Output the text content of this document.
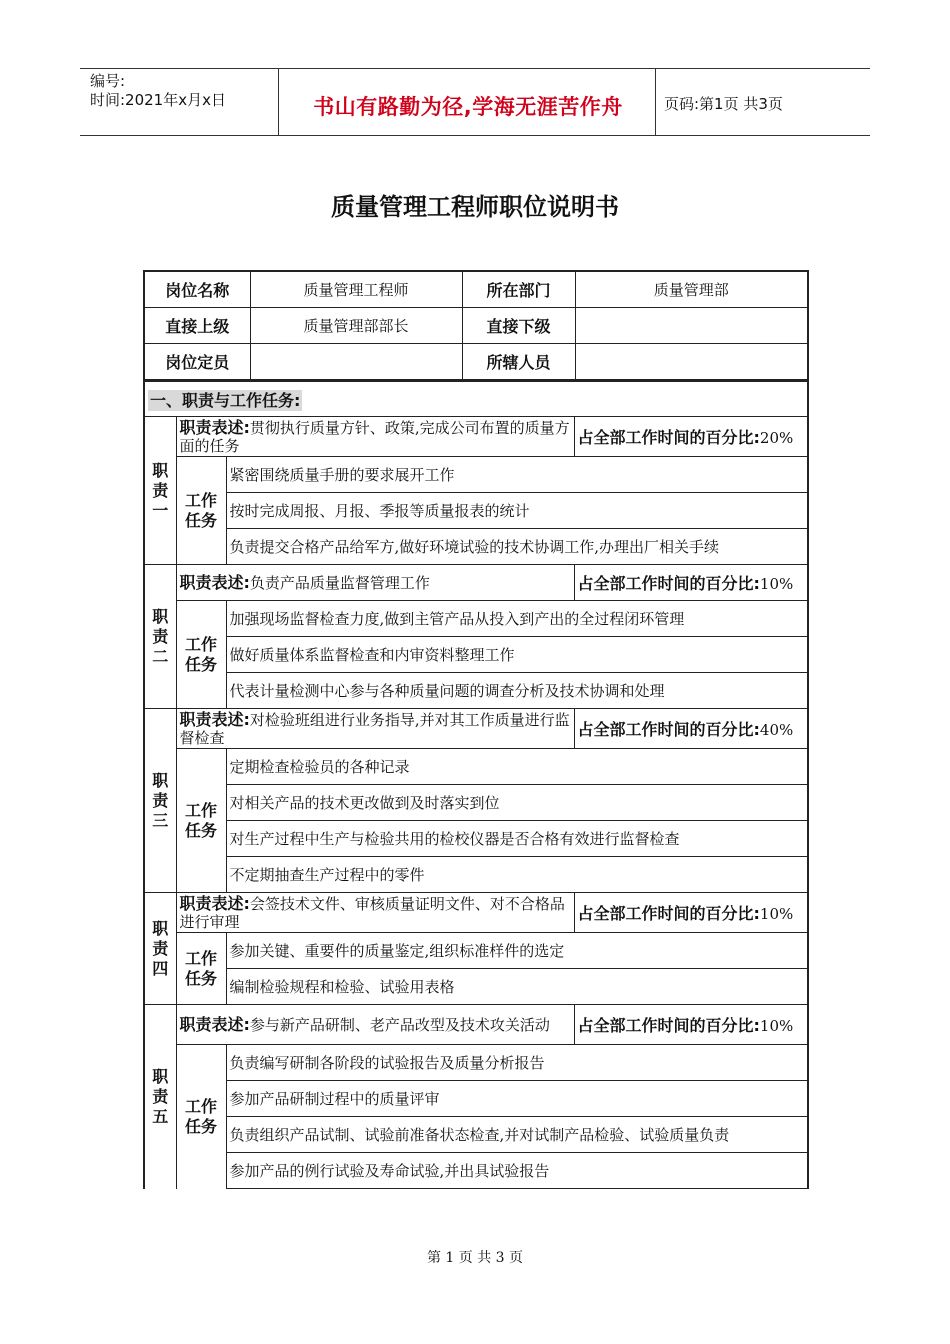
编号:
时间:2021年x月x日	书山有路勤为径,学海无涯苦作舟	页码:第1页 共3页
质量管理工程师职位说明书
岗位名称	质量管理工程师	所在部门	质量管理部
直接上级	质量管理部部长	直接下级	
岗位定员		所辖人员	
一、职责与工作任务:			
职责一	职责表述:贯彻执行质量方针、政策,完成公司布置的质量方面的任务		占全部工作时间的百分比:20%
	工作任务	紧密围绕质量手册的要求展开工作	
		按时完成周报、月报、季报等质量报表的统计	
		负责提交合格产品给军方,做好环境试验的技术协调工作,办理出厂相关手续	
职责二	职责表述:负责产品质量监督管理工作		占全部工作时间的百分比:10%
	工作任务	加强现场监督检查力度,做到主管产品从投入到产出的全过程闭环管理	
		做好质量体系监督检查和内审资料整理工作	
		代表计量检测中心参与各种质量问题的调查分析及技术协调和处理	
职责三	职责表述:对检验班组进行业务指导,并对其工作质量进行监督检查		占全部工作时间的百分比:40%
	工作任务	定期检查检验员的各种记录	
		对相关产品的技术更改做到及时落实到位	
		对生产过程中生产与检验共用的检校仪器是否合格有效进行监督检查	
		不定期抽查生产过程中的零件	
职责四	职责表述:会签技术文件、审核质量证明文件、对不合格品进行审理		占全部工作时间的百分比:10%
	工作任务	参加关键、重要件的质量鉴定,组织标准样件的选定	
		编制检验规程和检验、试验用表格	
职责五	职责表述:参与新产品研制、老产品改型及技术攻关活动		占全部工作时间的百分比:10%
	工作任务	负责编写研制各阶段的试验报告及质量分析报告	
		参加产品研制过程中的质量评审	
		负责组织产品试制、试验前准备状态检查,并对试制产品检验、试验质量负责	
		参加产品的例行试验及寿命试验,并出具试验报告	
第 1 页 共 3 页
